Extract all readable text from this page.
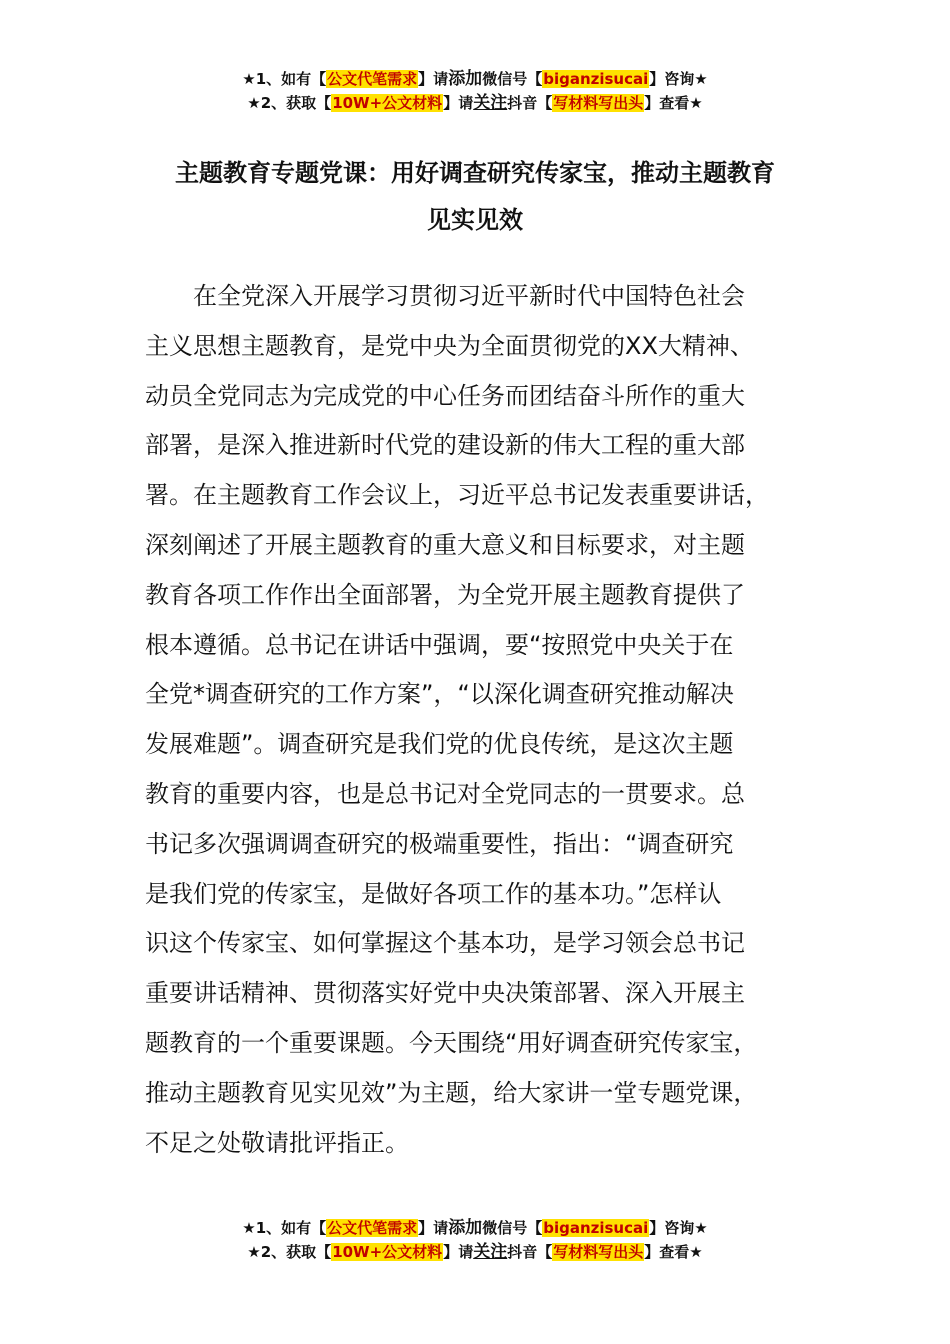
★1、如有【公文代笔需求】请添加微信号【biganzisucai】咨询★
★2、获取【10W+公文材料】请关注抖音【写材料写出头】查看★
主题教育专题党课：用好调查研究传家宝，推动主题教育
见实见效
　　在全党深入开展学习贯彻习近平新时代中国特色社会
主义思想主题教育，是党中央为全面贯彻党的XX大精神、
动员全党同志为完成党的中心任务而团结奋斗所作的重大
部署，是深入推进新时代党的建设新的伟大工程的重大部
署。在主题教育工作会议上，习近平总书记发表重要讲话，
深刻阐述了开展主题教育的重大意义和目标要求，对主题
教育各项工作作出全面部署，为全党开展主题教育提供了
根本遵循。总书记在讲话中强调，要“按照党中央关于在
全党*调查研究的工作方案”，“以深化调查研究推动解决
发展难题”。调查研究是我们党的优良传统，是这次主题
教育的重要内容，也是总书记对全党同志的一贯要求。总
书记多次强调调查研究的极端重要性，指出：“调查研究
是我们党的传家宝，是做好各项工作的基本功。”怎样认
识这个传家宝、如何掌握这个基本功，是学习领会总书记
重要讲话精神、贯彻落实好党中央决策部署、深入开展主
题教育的一个重要课题。今天围绕“用好调查研究传家宝，
推动主题教育见实见效”为主题，给大家讲一堂专题党课，
不足之处敬请批评指正。
★1、如有【公文代笔需求】请添加微信号【biganzisucai】咨询★
★2、获取【10W+公文材料】请关注抖音【写材料写出头】查看★
